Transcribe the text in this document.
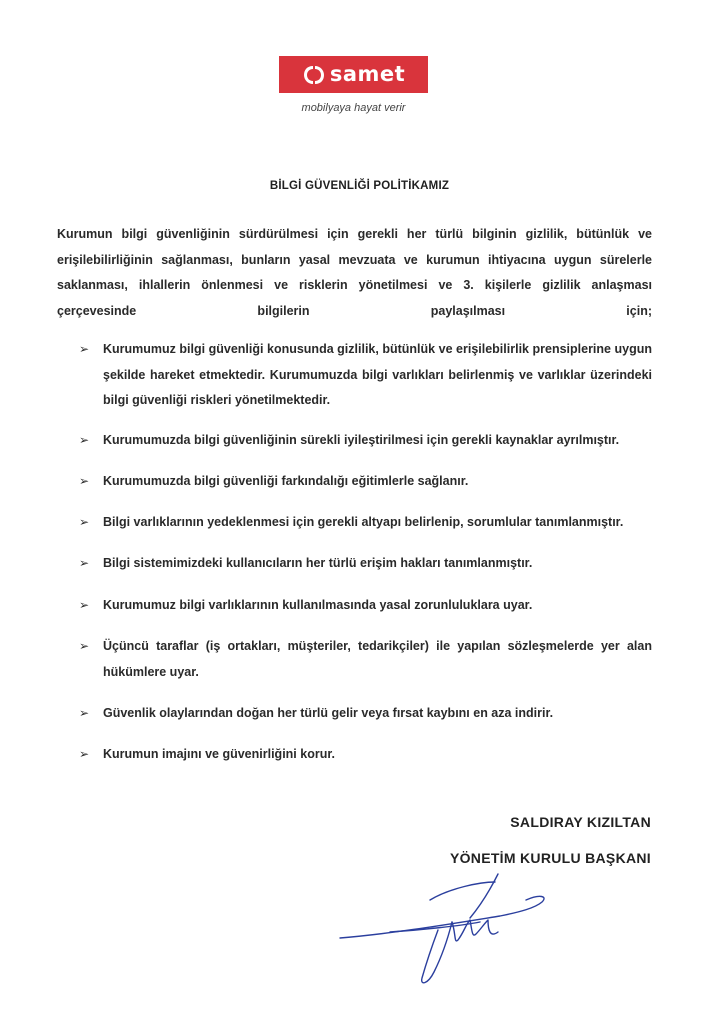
samet
mobilyaya hayat verir
BİLGİ GÜVENLİĞİ POLİTİKAMIZ
Kurumun bilgi güvenliğinin sürdürülmesi için gerekli her türlü bilginin gizlilik, bütünlük ve erişilebilirliğinin sağlanması, bunların yasal mevzuata ve kurumun ihtiyacına uygun sürelerle saklanması, ihlallerin önlenmesi ve risklerin yönetilmesi ve 3. kişilerle gizlilik anlaşması çerçevesinde bilgilerin paylaşılması için;
➢	Kurumumuz bilgi güvenliği konusunda gizlilik, bütünlük ve erişilebilirlik prensiplerine uygun şekilde hareket etmektedir. Kurumumuzda bilgi varlıkları belirlenmiş ve varlıklar üzerindeki bilgi güvenliği riskleri yönetilmektedir.
➢	Kurumumuzda bilgi güvenliğinin sürekli iyileştirilmesi için gerekli kaynaklar ayrılmıştır.
➢	Kurumumuzda bilgi güvenliği farkındalığı eğitimlerle sağlanır.
➢	Bilgi varlıklarının yedeklenmesi için gerekli altyapı belirlenip, sorumlular tanımlanmıştır.
➢	Bilgi sistemimizdeki kullanıcıların her türlü erişim hakları tanımlanmıştır.
➢	Kurumumuz bilgi varlıklarının kullanılmasında yasal zorunluluklara uyar.
➢	Üçüncü taraflar (iş ortakları, müşteriler, tedarikçiler) ile yapılan sözleşmelerde yer alan hükümlere uyar.
➢	Güvenlik olaylarından doğan her türlü gelir veya fırsat kaybını en aza indirir.
➢	Kurumun imajını ve güvenirliğini korur.
SALDIRAY KIZILTAN
YÖNETİM KURULU BAŞKANI
